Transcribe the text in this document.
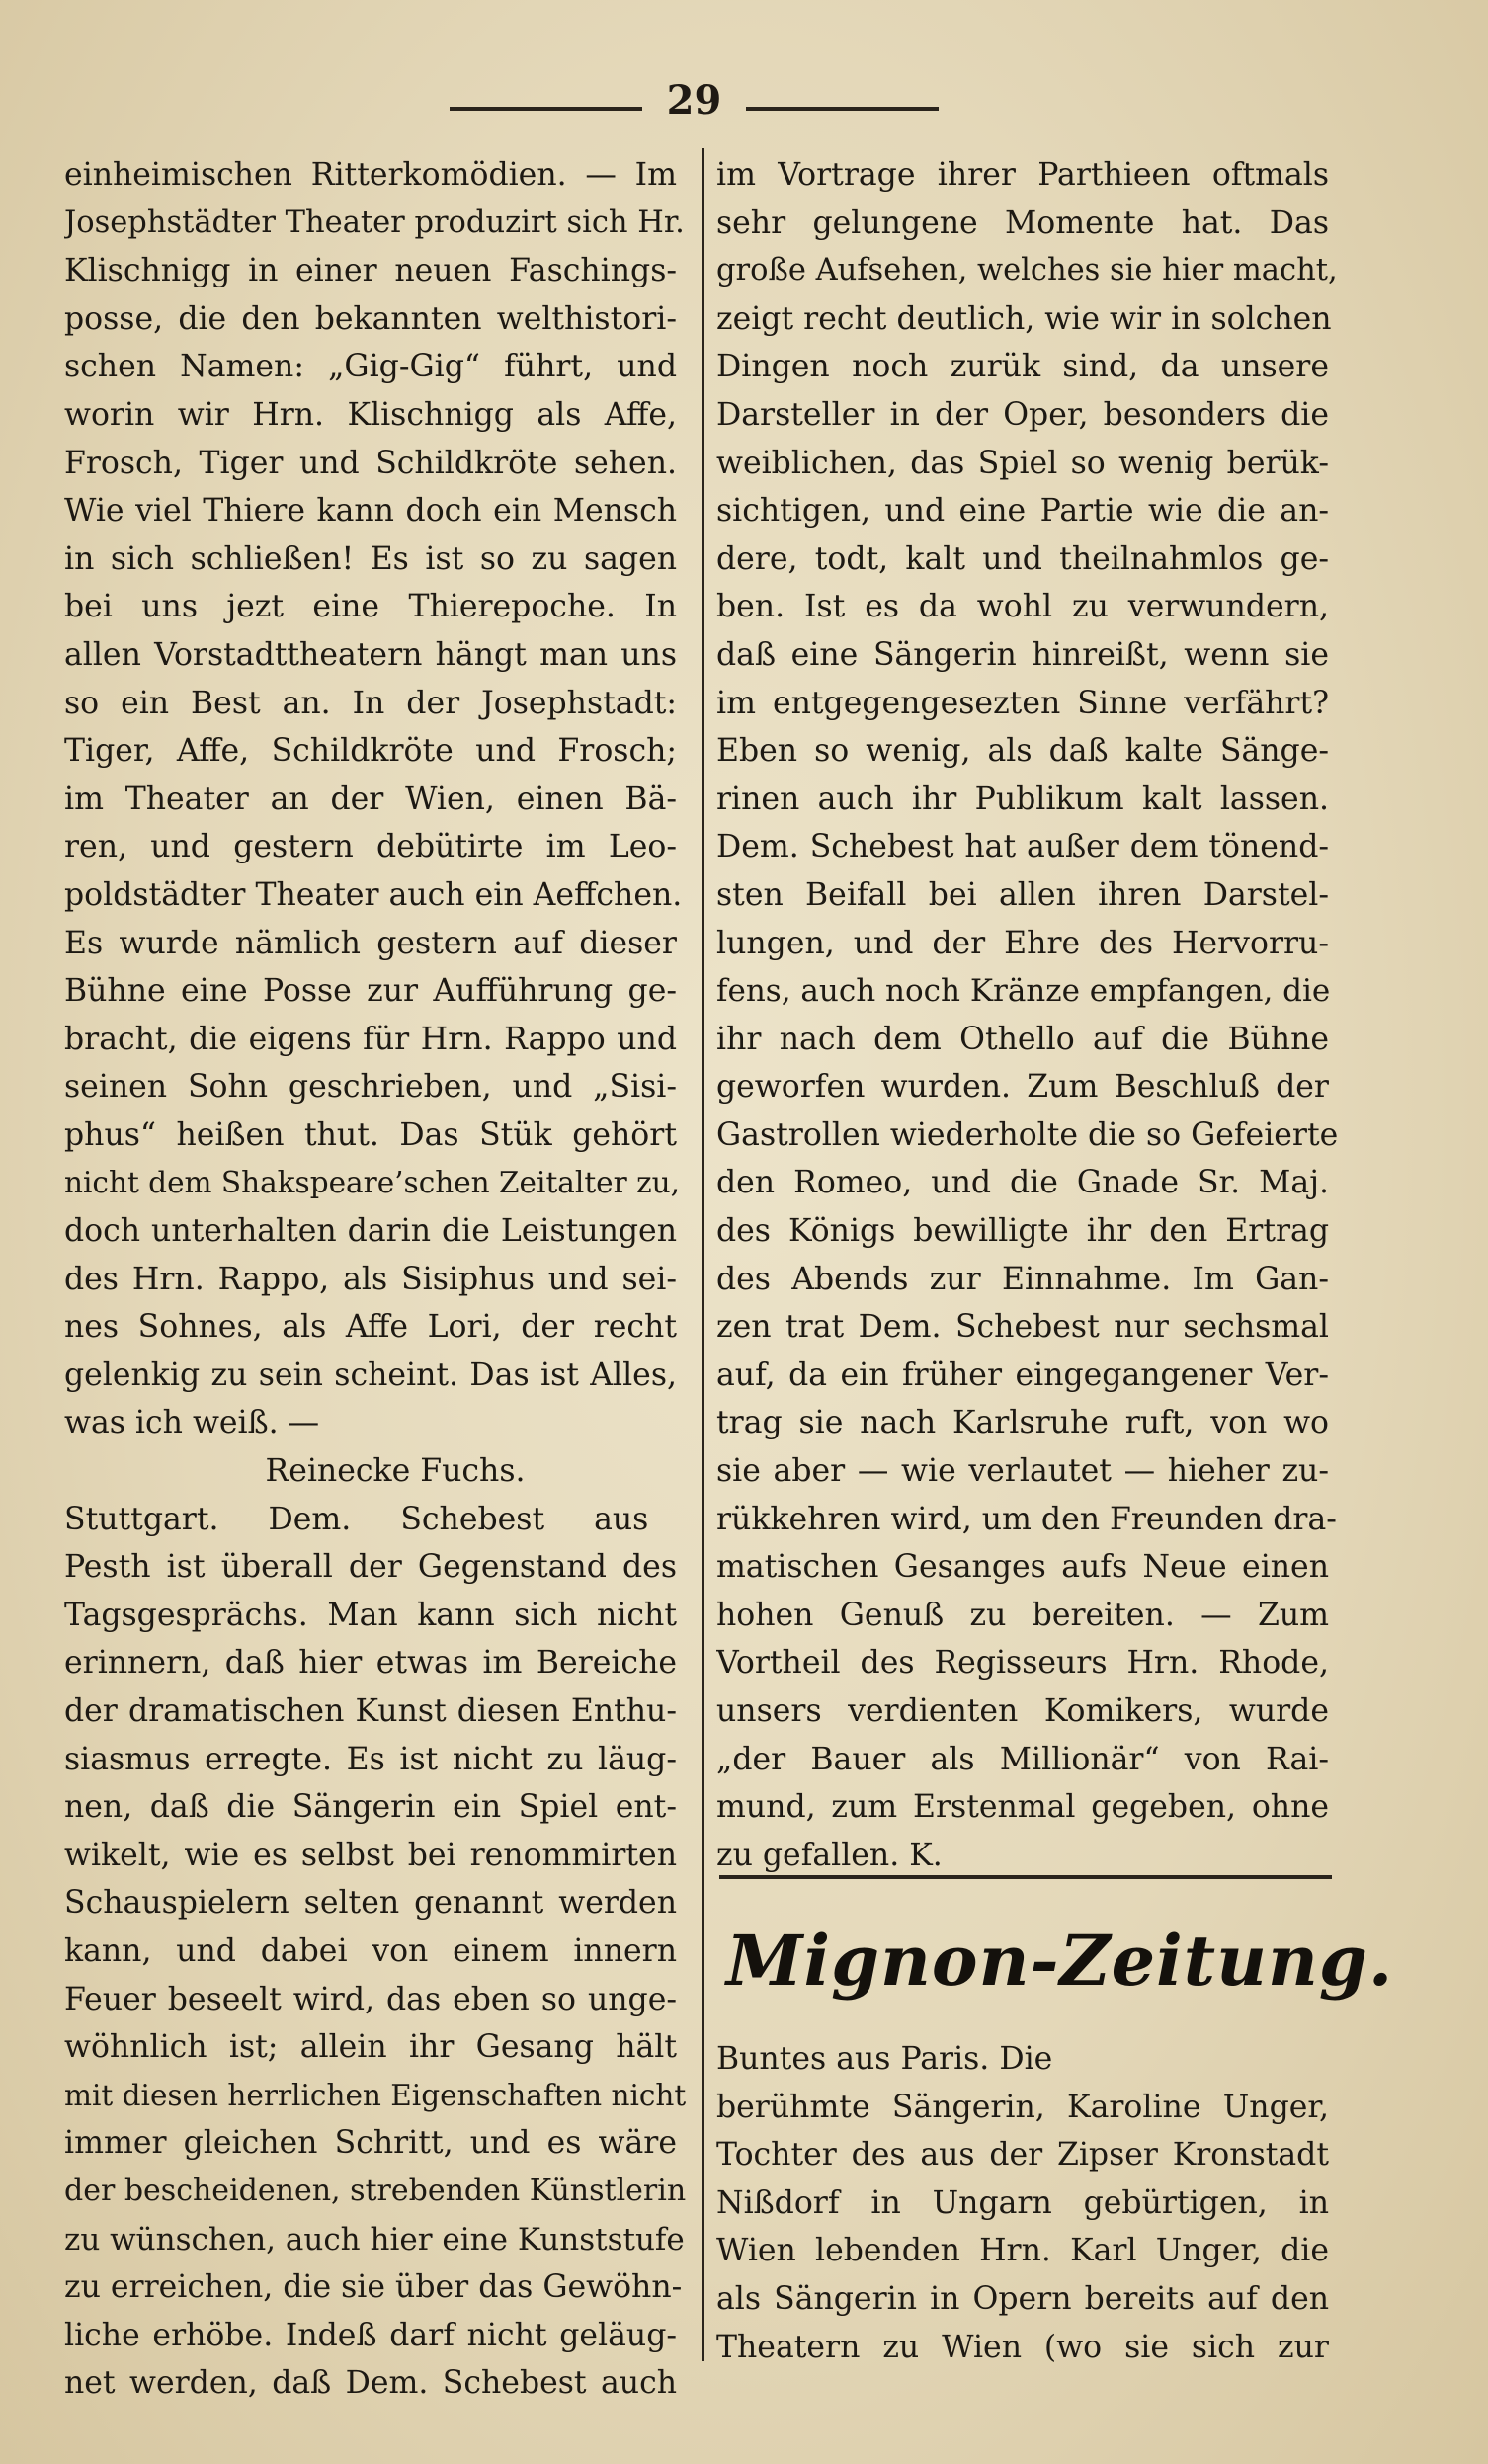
29
einheimischen Ritterkomödien. — Im
Josephstädter Theater produzirt sich Hr.
Klischnigg in einer neuen Faschings-
posse, die den bekannten welthistori-
schen Namen: „Gig-Gig“ führt, und
worin wir Hrn. Klischnigg als Affe,
Frosch, Tiger und Schildkröte sehen.
Wie viel Thiere kann doch ein Mensch
in sich schließen! Es ist so zu sagen
bei uns jezt eine Thierepoche. In
allen Vorstadttheatern hängt man uns
so ein Best an. In der Josephstadt:
Tiger, Affe, Schildkröte und Frosch;
im Theater an der Wien, einen Bä-
ren, und gestern debütirte im Leo-
poldstädter Theater auch ein Aeffchen.
Es wurde nämlich gestern auf dieser
Bühne eine Posse zur Aufführung ge-
bracht, die eigens für Hrn. Rappo und
seinen Sohn geschrieben, und „Sisi-
phus“ heißen thut. Das Stük gehört
nicht dem Shakspeare’schen Zeitalter zu,
doch unterhalten darin die Leistungen
des Hrn. Rappo, als Sisiphus und sei-
nes Sohnes, als Affe Lori, der recht
gelenkig zu sein scheint. Das ist Alles,
was ich weiß. —
Reinecke Fuchs.
Stuttgart. Dem. Schebest aus
Pesth ist überall der Gegenstand des
Tagsgesprächs. Man kann sich nicht
erinnern, daß hier etwas im Bereiche
der dramatischen Kunst diesen Enthu-
siasmus erregte. Es ist nicht zu läug-
nen, daß die Sängerin ein Spiel ent-
wikelt, wie es selbst bei renommirten
Schauspielern selten genannt werden
kann, und dabei von einem innern
Feuer beseelt wird, das eben so unge-
wöhnlich ist; allein ihr Gesang hält
mit diesen herrlichen Eigenschaften nicht
immer gleichen Schritt, und es wäre
der bescheidenen, strebenden Künstlerin
zu wünschen, auch hier eine Kunststufe
zu erreichen, die sie über das Gewöhn-
liche erhöbe. Indeß darf nicht geläug-
net werden, daß Dem. Schebest auch
im Vortrage ihrer Parthieen oftmals
sehr gelungene Momente hat. Das
große Aufsehen, welches sie hier macht,
zeigt recht deutlich, wie wir in solchen
Dingen noch zurük sind, da unsere
Darsteller in der Oper, besonders die
weiblichen, das Spiel so wenig berük-
sichtigen, und eine Partie wie die an-
dere, todt, kalt und theilnahmlos ge-
ben. Ist es da wohl zu verwundern,
daß eine Sängerin hinreißt, wenn sie
im entgegengesezten Sinne verfährt?
Eben so wenig, als daß kalte Sänge-
rinen auch ihr Publikum kalt lassen.
Dem. Schebest hat außer dem tönend-
sten Beifall bei allen ihren Darstel-
lungen, und der Ehre des Hervorru-
fens, auch noch Kränze empfangen, die
ihr nach dem Othello auf die Bühne
geworfen wurden. Zum Beschluß der
Gastrollen wiederholte die so Gefeierte
den Romeo, und die Gnade Sr. Maj.
des Königs bewilligte ihr den Ertrag
des Abends zur Einnahme. Im Gan-
zen trat Dem. Schebest nur sechsmal
auf, da ein früher eingegangener Ver-
trag sie nach Karlsruhe ruft, von wo
sie aber — wie verlautet — hieher zu-
rükkehren wird, um den Freunden dra-
matischen Gesanges aufs Neue einen
hohen Genuß zu bereiten. — Zum
Vortheil des Regisseurs Hrn. Rhode,
unsers verdienten Komikers, wurde
„der Bauer als Millionär“ von Rai-
mund, zum Erstenmal gegeben, ohne
zu gefallen. K.
Mignon-Zeitung.
Buntes aus Paris. Die
berühmte Sängerin, Karoline Unger,
Tochter des aus der Zipser Kronstadt
Nißdorf in Ungarn gebürtigen, in
Wien lebenden Hrn. Karl Unger, die
als Sängerin in Opern bereits auf den
Theatern zu Wien (wo sie sich zur
